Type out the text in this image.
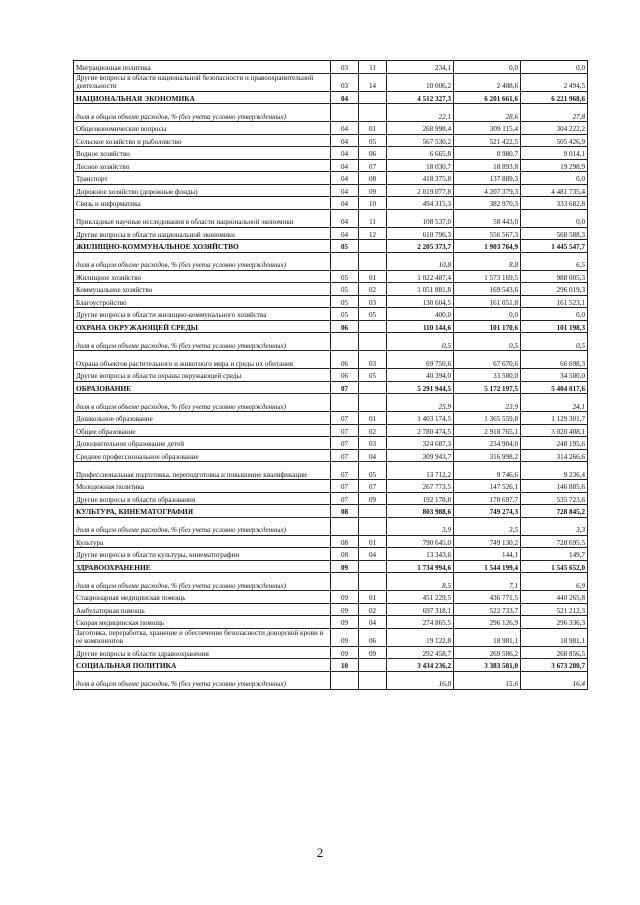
Миграционная политика	03	11	234,1	0,0	0,0
Другие вопросы в области национальной безопасности и правоохранительной деятельности	03	14	10 006,2	2 488,6	2 494,5
НАЦИОНАЛЬНАЯ ЭКОНОМИКА	04		4 512 327,3	6 201 661,6	6 221 968,6
доля в общем объеме расходов, % (без учета условно утвержденных)			22,1	28,6	27,8
Общеэкономические вопросы	04	01	268 998,4	309 115,4	304 222,2
Сельское хозяйство и рыболовство	04	05	567 530,2	521 422,5	505 426,9
Водное хозяйство	04	06	6 665,8	8 980,7	9 014,1
Лесное хозяйство	04	07	18 030,7	18 893,8	19 298,9
Транспорт	04	08	418 375,8	137 889,3	0,0
Дорожное хозяйство (дорожные фонды)	04	09	2 019 077,8	4 207 379,3	4 481 735,4
Связь и информатика	04	10	494 315,3	382 970,3	333 682,8
Прикладные научные исследования в области национальной экономики	04	11	108 537,0	58 443,0	0,0
Другие вопросы в области национальной экономики	04	12	610 796,3	556 567,3	568 588,3
ЖИЛИЩНО-КОММУНАЛЬНОЕ ХОЗЯЙСТВО	05		2 205 373,7	1 903 764,9	1 445 547,7
доля в общем объеме расходов, % (без учета условно утвержденных)			10,8	8,8	6,5
Жилищное хозяйство	05	01	1 022 487,4	1 573 169,5	988 005,3
Коммунальное хозяйство	05	02	1 051 881,8	169 543,6	296 019,3
Благоустройство	05	03	130 604,5	161 051,8	161 523,1
Другие вопросы в области жилищно-коммунального хозяйства	05	05	400,0	0,0	0,0
ОХРАНА ОКРУЖАЮЩЕЙ СРЕДЫ	06		110 144,6	101 170,6	101 198,3
доля в общем объеме расходов, % (без учета условно утвержденных)			0,5	0,5	0,5
Охрана объектов растительного и животного мира и среды их обитания	06	03	69 750,6	67 670,6	66 698,3
Другие вопросы в области охраны окружающей среды	06	05	40 394,0	33 500,0	34 500,0
ОБРАЗОВАНИЕ	07		5 291 944,5	5 172 197,5	5 404 017,6
доля в общем объеме расходов, % (без учета условно утвержденных)			25,9	23,9	24,1
Дошкольное образование	07	01	1 403 174,5	1 365 559,8	1 129 301,7
Общее образование	07	02	2 780 474,5	2 918 765,1	3 020 408,1
Дополнительное образование детей	07	03	324 687,3	234 904,0	248 195,6
Среднее профессиональное образование	07	04	309 943,7	316 998,2	314 266,6
Профессиональная подготовка, переподготовка и повышение квалификации	07	05	13 712,2	9 746,6	9 236,4
Молодежная политика	07	07	267 773,5	147 526,1	146 885,6
Другие вопросы в области образования	07	09	192 178,8	178 697,7	535 723,6
КУЛЬТУРА, КИНЕМАТОГРАФИЯ	08		803 988,6	749 274,3	728 845,2
доля в общем объеме расходов, % (без учета условно утвержденных)			3,9	3,5	3,3
Культура	08	01	790 645,0	749 130,2	728 695,5
Другие вопросы в области культуры, кинематографии	08	04	13 343,6	144,1	149,7
ЗДРАВООХРАНЕНИЕ	09		1 734 994,6	1 544 199,4	1 545 652,0
доля в общем объеме расходов, % (без учета условно утвержденных)			8,5	7,1	6,9
Стационарная медицинская помощь	09	01	451 229,5	436 771,5	440 265,8
Амбулаторная помощь	09	02	697 318,1	522 733,7	521 212,3
Скорая медицинская помощь	09	04	274 865,5	296 126,9	296 336,3
Заготовка, переработка, хранение и обеспечение безопасности донорской крови и ее компонентов	09	06	19 122,8	18 981,1	18 981,1
Другие вопросы в области здравоохранения	09	09	292 458,7	269 586,2	268 856,5
СОЦИАЛЬНАЯ ПОЛИТИКА	10		3 434 236,2	3 383 581,0	3 673 280,7
доля в общем объеме расходов, % (без учета условно утвержденных)			16,8	15,6	16,4
2
